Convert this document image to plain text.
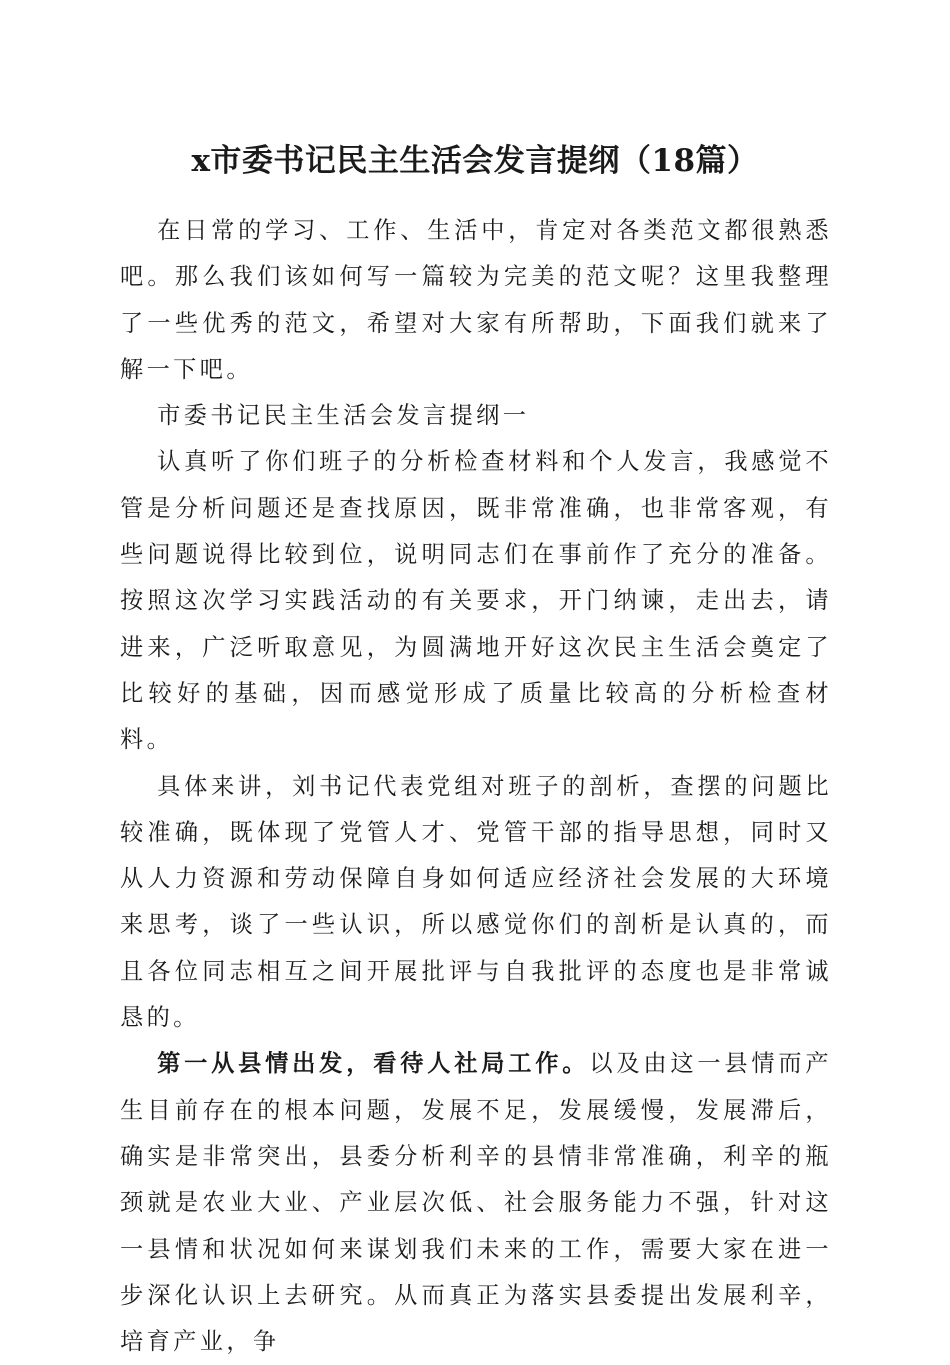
x市委书记民主生活会发言提纲（18篇）

在日常的学习、工作、生活中，肯定对各类范文都很熟悉吧。那么我们该如何写一篇较为完美的范文呢？这里我整理了一些优秀的范文，希望对大家有所帮助，下面我们就来了解一下吧。

市委书记民主生活会发言提纲一

认真听了你们班子的分析检查材料和个人发言，我感觉不管是分析问题还是查找原因，既非常准确，也非常客观，有些问题说得比较到位，说明同志们在事前作了充分的准备。按照这次学习实践活动的有关要求，开门纳谏，走出去，请进来，广泛听取意见，为圆满地开好这次民主生活会奠定了比较好的基础，因而感觉形成了质量比较高的分析检查材料。

具体来讲，刘书记代表党组对班子的剖析，查摆的问题比较准确，既体现了党管人才、党管干部的指导思想，同时又从人力资源和劳动保障自身如何适应经济社会发展的大环境来思考，谈了一些认识，所以感觉你们的剖析是认真的，而且各位同志相互之间开展批评与自我批评的态度也是非常诚恳的。

第一从县情出发，看待人社局工作。以及由这一县情而产生目前存在的根本问题，发展不足，发展缓慢，发展滞后，确实是非常突出，县委分析利辛的县情非常准确，利辛的瓶颈就是农业大业、产业层次低、社会服务能力不强，针对这一县情和状况如何来谋划我们未来的工作，需要大家在进一步深化认识上去研究。从而真正为落实县委提出发展利辛，培育产业，争
